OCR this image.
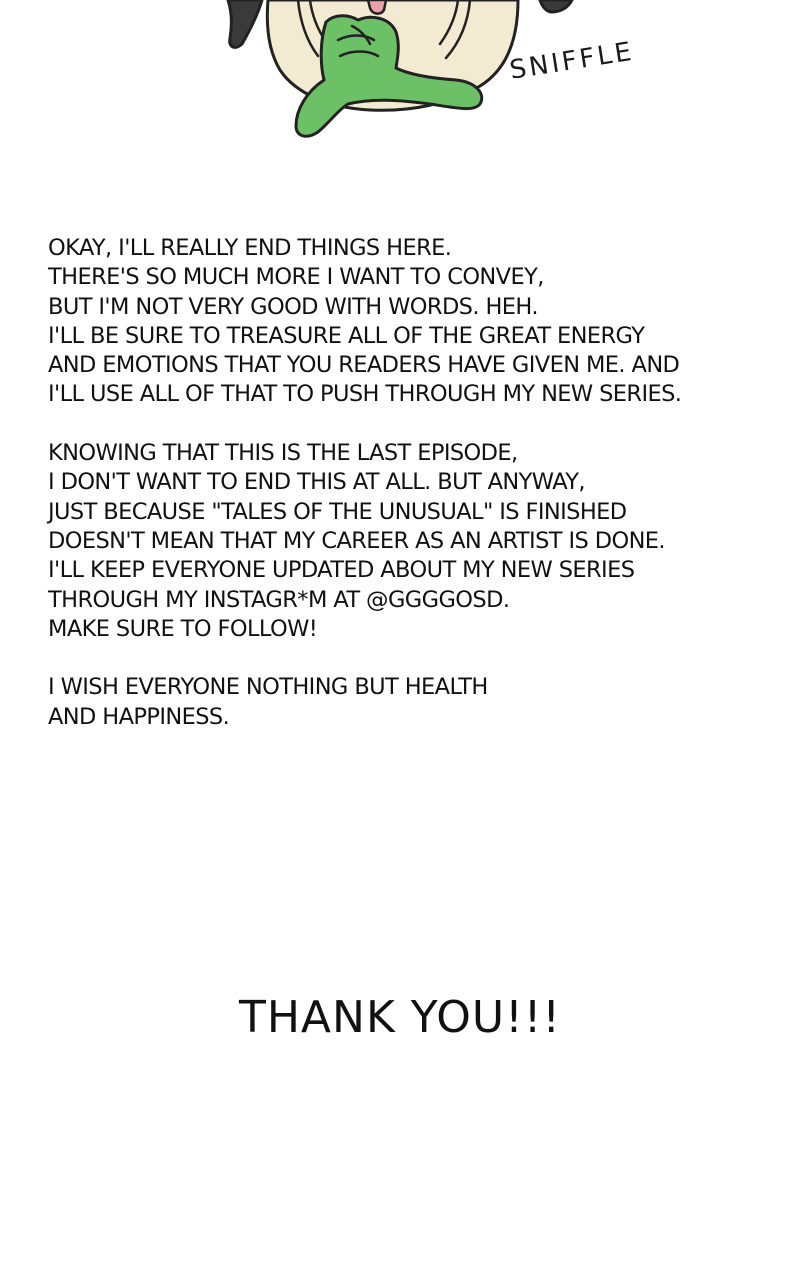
SNIFFLE
OKAY, I'LL REALLY END THINGS HERE.
THERE'S SO MUCH MORE I WANT TO CONVEY,
BUT I'M NOT VERY GOOD WITH WORDS. HEH.
I'LL BE SURE TO TREASURE ALL OF THE GREAT ENERGY
AND EMOTIONS THAT YOU READERS HAVE GIVEN ME. AND
I'LL USE ALL OF THAT TO PUSH THROUGH MY NEW SERIES.
KNOWING THAT THIS IS THE LAST EPISODE,
I DON'T WANT TO END THIS AT ALL. BUT ANYWAY,
JUST BECAUSE "TALES OF THE UNUSUAL" IS FINISHED
DOESN'T MEAN THAT MY CAREER AS AN ARTIST IS DONE.
I'LL KEEP EVERYONE UPDATED ABOUT MY NEW SERIES
THROUGH MY INSTAGR*M AT @GGGGOSD.
MAKE SURE TO FOLLOW!
I WISH EVERYONE NOTHING BUT HEALTH
AND HAPPINESS.
THANK YOU!!!
